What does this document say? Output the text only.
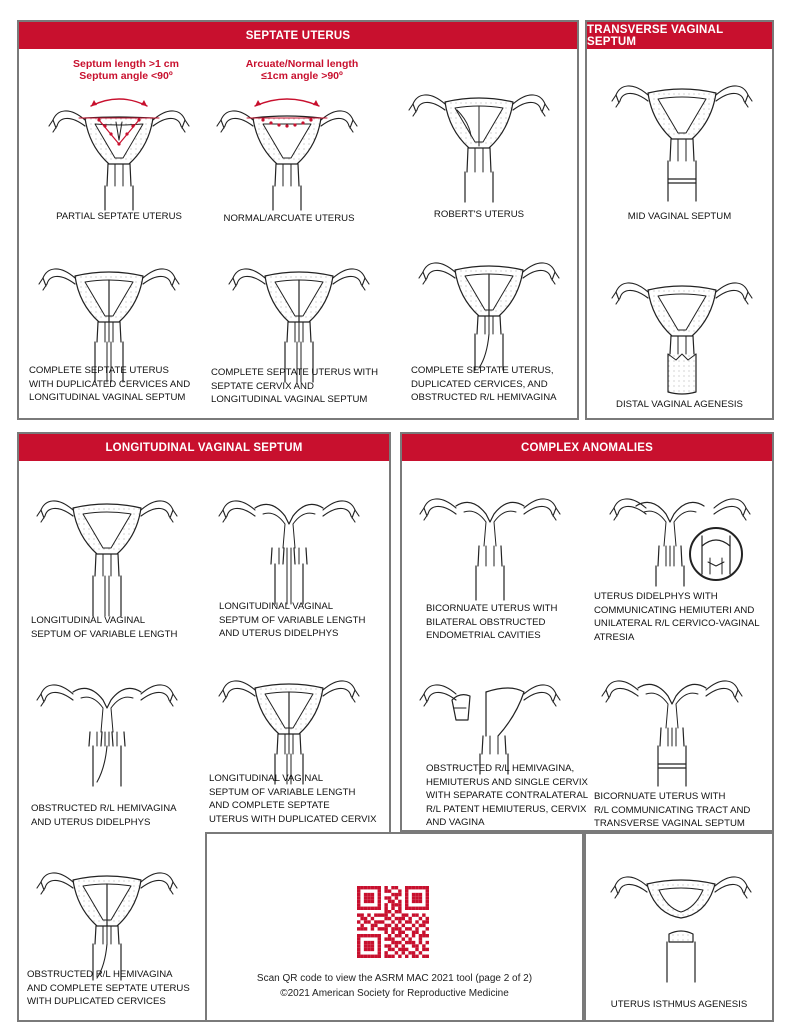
SEPTATE UTERUS
Septum length >1 cm
Septum angle <90º
Arcuate/Normal length
≤1cm angle >90º
PARTIAL SEPTATE UTERUS	NORMAL/ARCUATE UTERUS	ROBERT'S UTERUS
COMPLETE SEPTATE UTERUS
WITH DUPLICATED CERVICES AND
LONGITUDINAL VAGINAL SEPTUM
COMPLETE SEPTATE UTERUS WITH
SEPTATE CERVIX AND
LONGITUDINAL VAGINAL SEPTUM
COMPLETE SEPTATE UTERUS,
DUPLICATED CERVICES, AND
OBSTRUCTED R/L HEMIVAGINA
TRANSVERSE VAGINAL SEPTUM
MID VAGINAL SEPTUM
DISTAL VAGINAL AGENESIS
LONGITUDINAL VAGINAL SEPTUM
LONGITUDINAL VAGINAL
SEPTUM OF VARIABLE LENGTH
LONGITUDINAL VAGINAL
SEPTUM OF VARIABLE LENGTH
AND UTERUS DIDELPHYS
OBSTRUCTED R/L HEMIVAGINA
AND UTERUS DIDELPHYS
LONGITUDINAL VAGINAL
SEPTUM OF VARIABLE LENGTH
AND COMPLETE SEPTATE
UTERUS WITH DUPLICATED CERVIX
OBSTRUCTED R/L HEMIVAGINA
AND COMPLETE SEPTATE UTERUS
WITH DUPLICATED CERVICES
COMPLEX ANOMALIES
BICORNUATE UTERUS WITH
BILATERAL OBSTRUCTED
ENDOMETRIAL CAVITIES
UTERUS DIDELPHYS WITH
COMMUNICATING HEMIUTERI AND
UNILATERAL R/L CERVICO-VAGINAL
ATRESIA
OBSTRUCTED R/L HEMIVAGINA,
HEMIUTERUS AND SINGLE CERVIX
WITH SEPARATE CONTRALATERAL
R/L PATENT HEMIUTERUS, CERVIX
AND VAGINA
BICORNUATE UTERUS WITH
R/L COMMUNICATING TRACT AND
TRANSVERSE VAGINAL SEPTUM
Scan QR code to view the ASRM MAC 2021 tool (page 2 of 2)
©2021 American Society for Reproductive Medicine
UTERUS ISTHMUS AGENESIS
